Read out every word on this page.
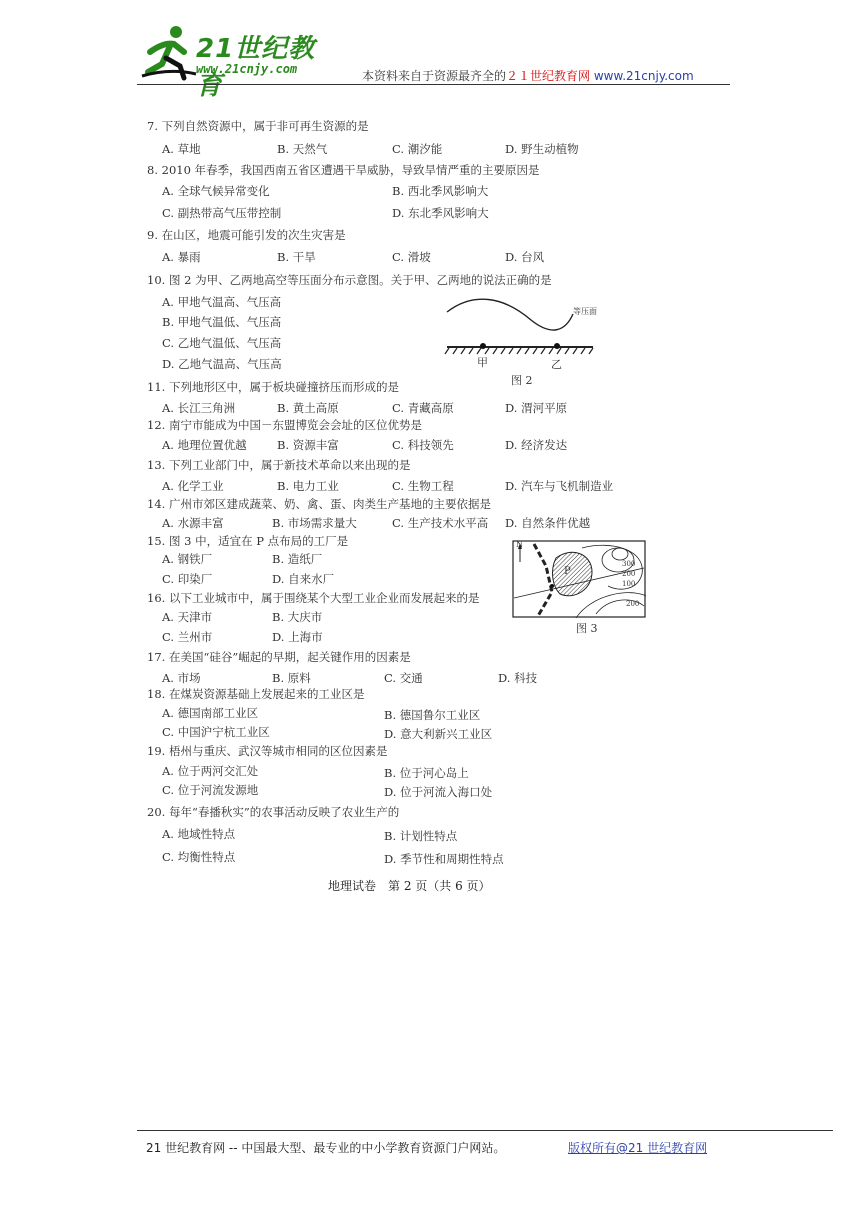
21世纪教育
www.21cnjy.com	本资料来自于资源最齐全的２１世纪教育网 www.21cnjy.com
7. 下列自然资源中，属于非可再生资源的是
A. 草地	B. 天然气	C. 潮汐能	D. 野生动植物
8. 2010 年春季，我国西南五省区遭遇干旱威胁，导致旱情严重的主要原因是
A. 全球气候异常变化	B. 西北季风影响大
C. 副热带高气压带控制	D. 东北季风影响大
9. 在山区，地震可能引发的次生灾害是
A. 暴雨	B. 干旱	C. 滑坡	D. 台风
10. 图 2 为甲、乙两地高空等压面分布示意图。关于甲、乙两地的说法正确的是
A. 甲地气温高、气压高
B. 甲地气温低、气压高
C. 乙地气温低、气压高
D. 乙地气温高、气压高
等压面
甲	乙
图 2
11. 下列地形区中，属于板块碰撞挤压而形成的是
A. 长江三角洲	B. 黄土高原	C. 青藏高原	D. 渭河平原
12. 南宁市能成为中国－东盟博览会会址的区位优势是
A. 地理位置优越	B. 资源丰富	C. 科技领先	D. 经济发达
13. 下列工业部门中，属于新技术革命以来出现的是
A. 化学工业	B. 电力工业	C. 生物工程	D. 汽车与飞机制造业
14. 广州市郊区建成蔬菜、奶、禽、蛋、肉类生产基地的主要依据是
A. 水源丰富	B. 市场需求量大	C. 生产技术水平高 D. 自然条件优越
15. 图 3 中，适宜在 P 点布局的工厂是
A. 钢铁厂	B. 造纸厂
C. 印染厂	D. 自来水厂
N
P
300
200
100
200
图 3
16. 以下工业城市中，属于围绕某个大型工业企业而发展起来的是
A. 天津市	B. 大庆市
C. 兰州市	D. 上海市
17. 在美国“硅谷”崛起的早期，起关键作用的因素是
A. 市场	B. 原料	C. 交通	D. 科技
18. 在煤炭资源基础上发展起来的工业区是
A. 德国南部工业区	B. 德国鲁尔工业区
C. 中国沪宁杭工业区	D. 意大利新兴工业区
19. 梧州与重庆、武汉等城市相同的区位因素是
A. 位于两河交汇处	B. 位于河心岛上
C. 位于河流发源地	D. 位于河流入海口处
20. 每年“春播秋实”的农事活动反映了农业生产的
A. 地域性特点	B. 计划性特点
C. 均衡性特点	D. 季节性和周期性特点
地理试卷　第 2 页（共 6 页）
21 世纪教育网 -- 中国最大型、最专业的中小学教育资源门户网站。	版权所有@21 世纪教育网
